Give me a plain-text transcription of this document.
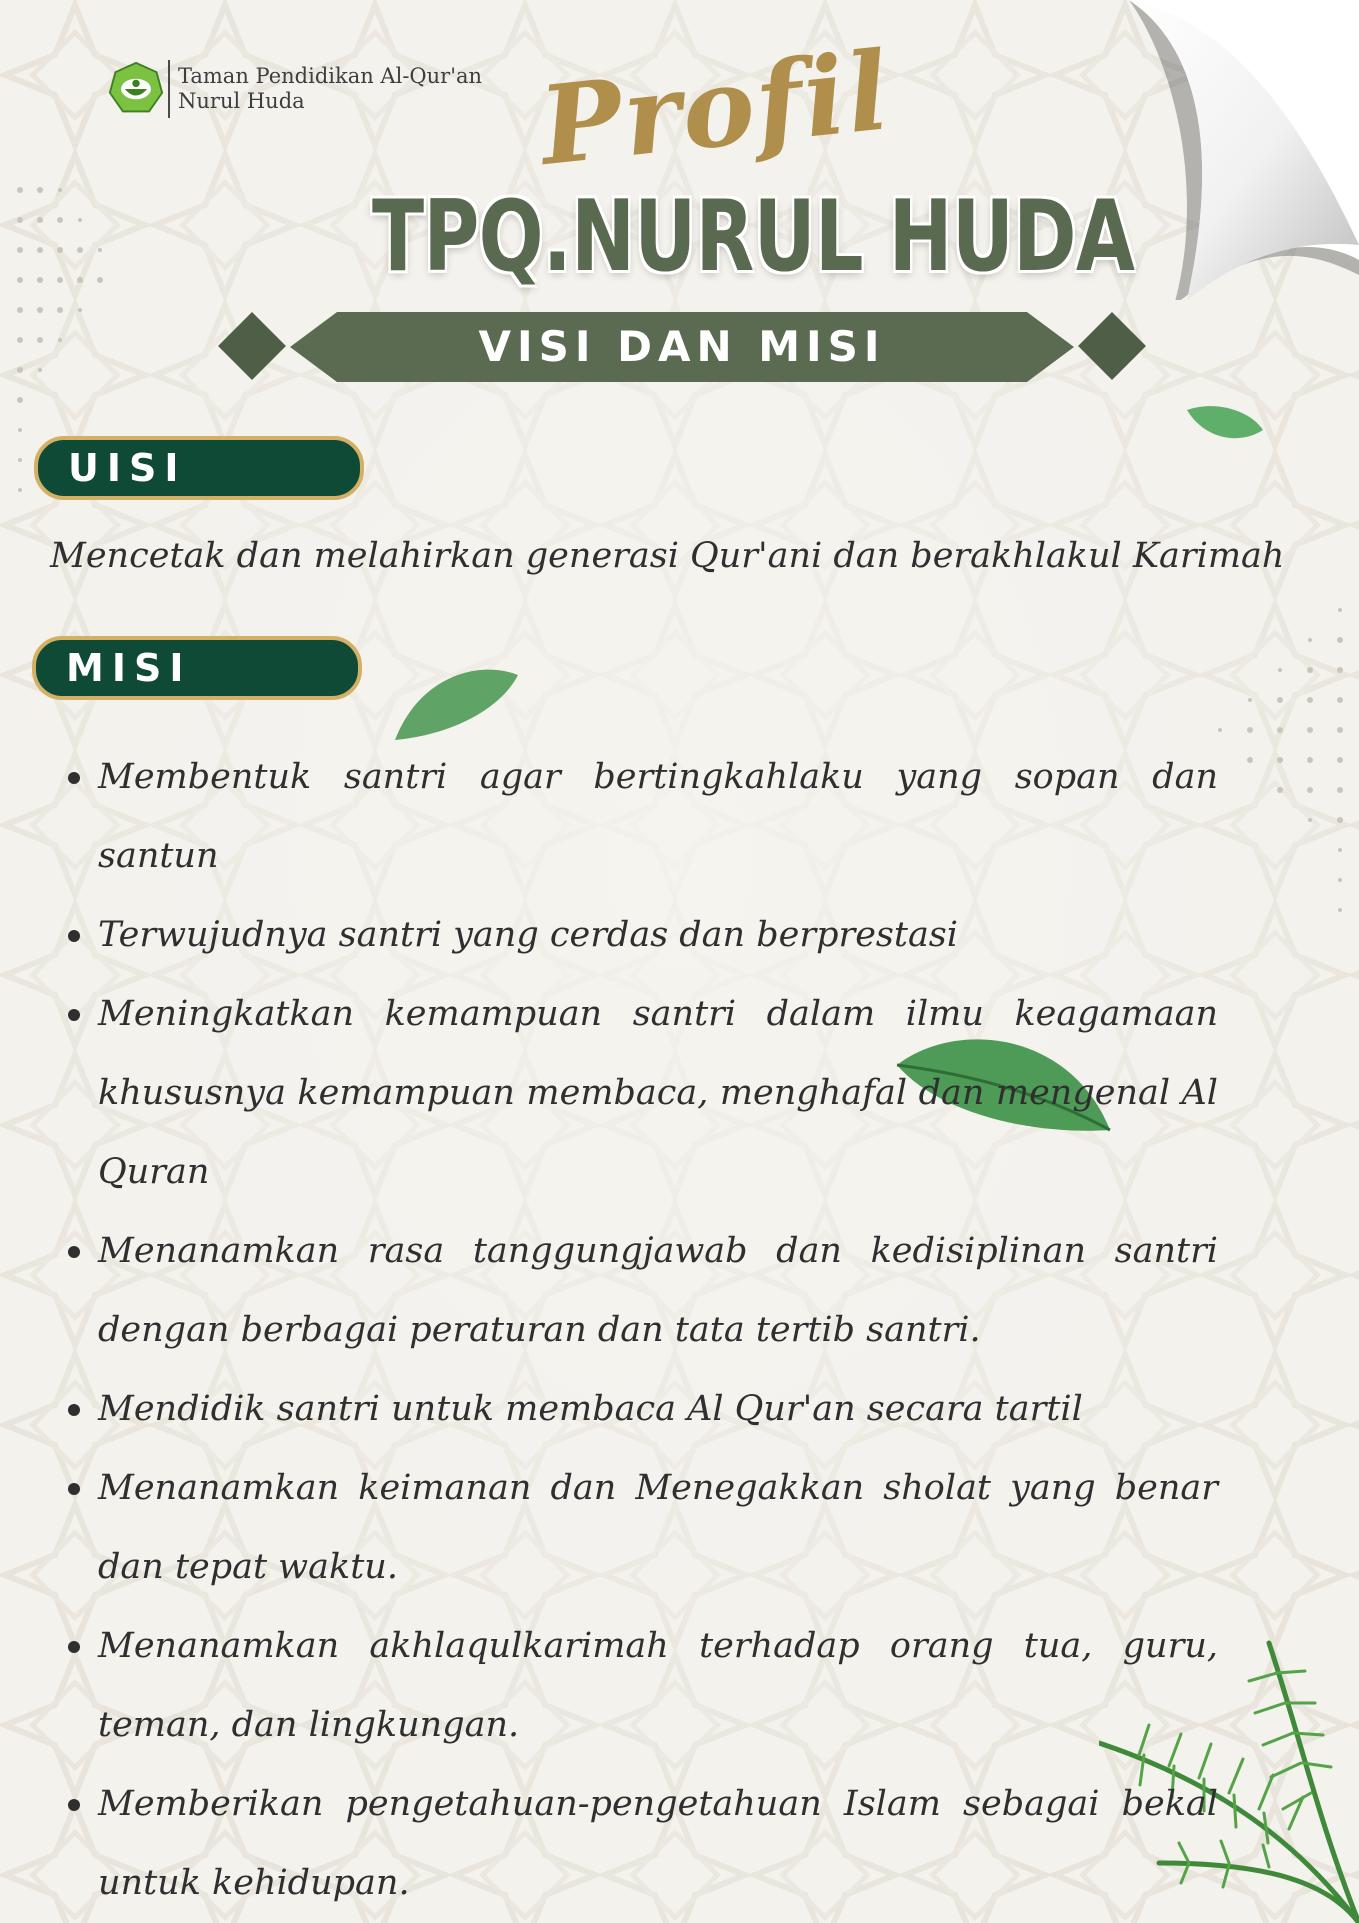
Taman Pendidikan Al-Qur'an
Nurul Huda
TPQ.NURUL HUDA
Profil
VISI DAN MISI
UISI
Mencetak dan melahirkan generasi Qur'ani dan berakhlakul Karimah
MISI
Membentuk santri agar bertingkahlaku yang sopan dan santun
Terwujudnya santri yang cerdas dan berprestasi
Meningkatkan kemampuan santri dalam ilmu keagamaan khususnya kemampuan membaca, menghafal dan mengenal Al Quran
Menanamkan rasa tanggungjawab dan kedisiplinan santri dengan berbagai peraturan dan tata tertib santri.
Mendidik santri untuk membaca Al Qur'an secara tartil
Menanamkan keimanan dan Menegakkan sholat yang benar dan tepat waktu.
Menanamkan akhlaqulkarimah terhadap orang tua, guru, teman, dan lingkungan.
Memberikan pengetahuan-pengetahuan Islam sebagai bekal untuk kehidupan.
